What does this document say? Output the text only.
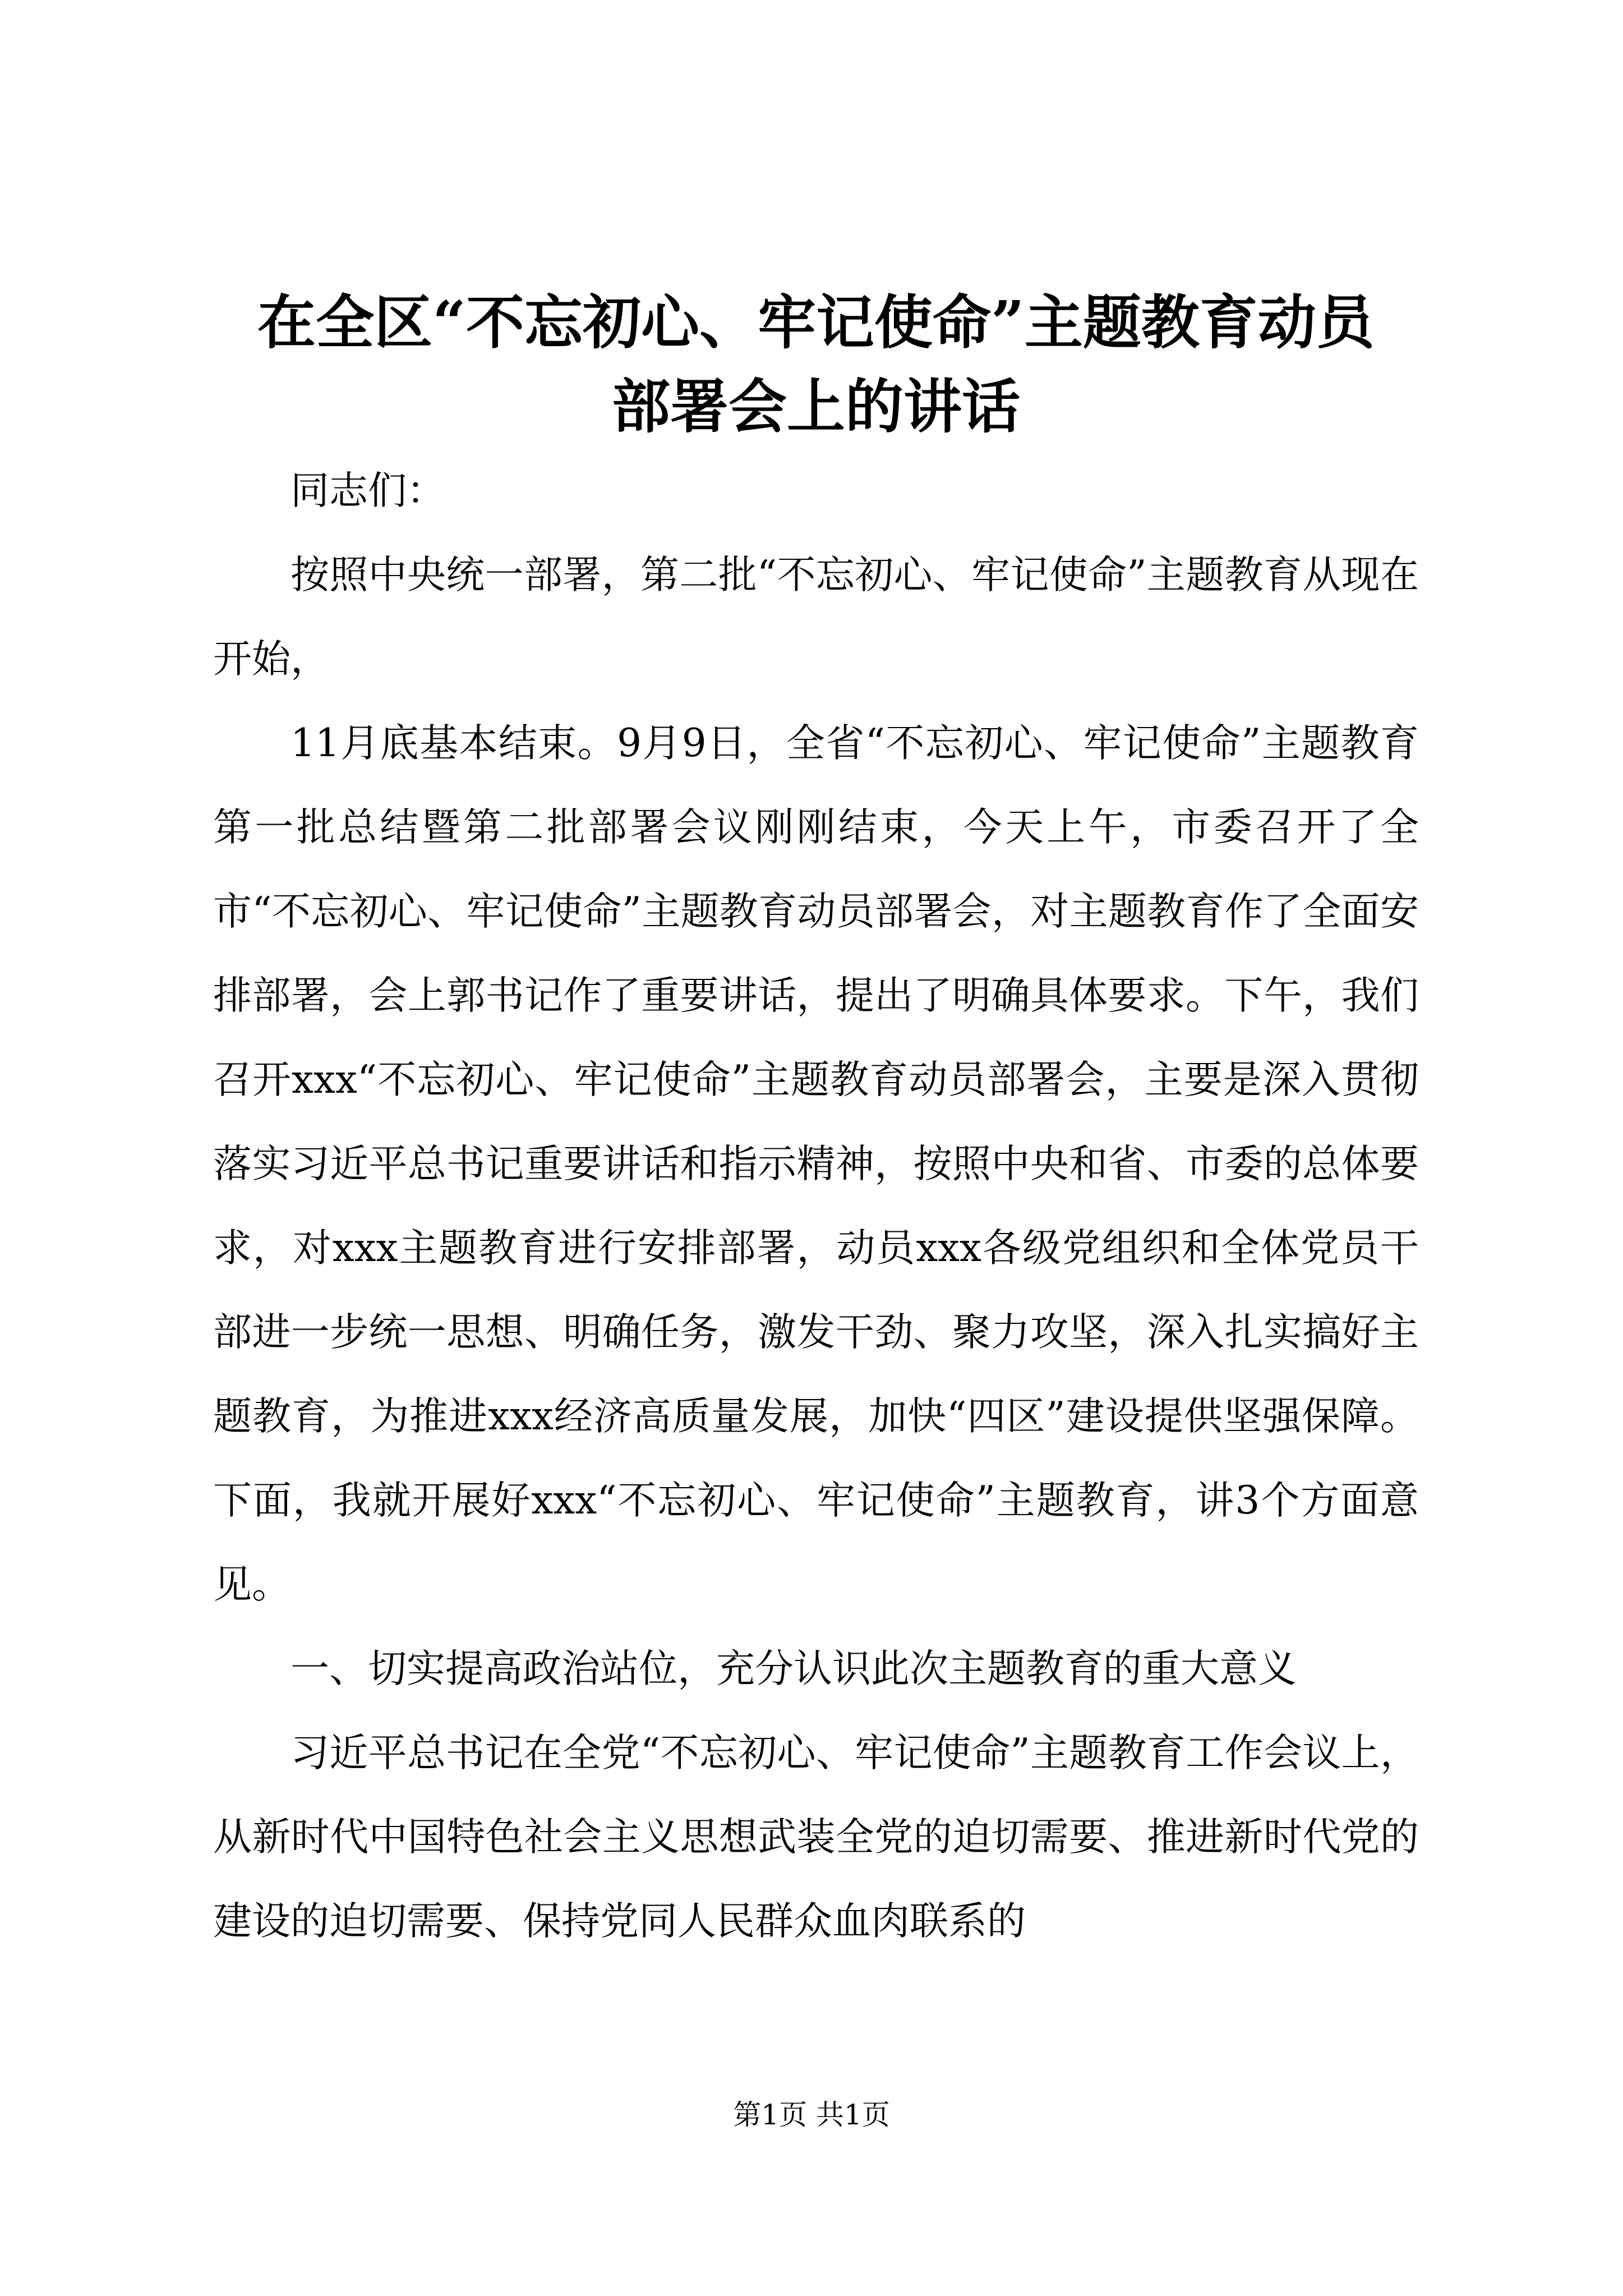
在全区“不忘初心、牢记使命”主题教育动员
部署会上的讲话

同志们：

按照中央统一部署，第二批“不忘初心、牢记使命”主题教育从现在开始，

11月底基本结束。9月9日，全省“不忘初心、牢记使命”主题教育第一批总结暨第二批部署会议刚刚结束，今天上午，市委召开了全市“不忘初心、牢记使命”主题教育动员部署会，对主题教育作了全面安排部署，会上郭书记作了重要讲话，提出了明确具体要求。下午，我们召开xxx“不忘初心、牢记使命”主题教育动员部署会，主要是深入贯彻落实习近平总书记重要讲话和指示精神，按照中央和省、市委的总体要求，对xxx主题教育进行安排部署，动员xxx各级党组织和全体党员干部进一步统一思想、明确任务，激发干劲、聚力攻坚，深入扎实搞好主题教育，为推进xxx经济高质量发展，加快“四区”建设提供坚强保障。下面，我就开展好xxx“不忘初心、牢记使命”主题教育，讲3个方面意见。

一、切实提高政治站位，充分认识此次主题教育的重大意义

习近平总书记在全党“不忘初心、牢记使命”主题教育工作会议上，从新时代中国特色社会主义思想武装全党的迫切需要、推进新时代党的建设的迫切需要、保持党同人民群众血肉联系的

第1页 共1页
